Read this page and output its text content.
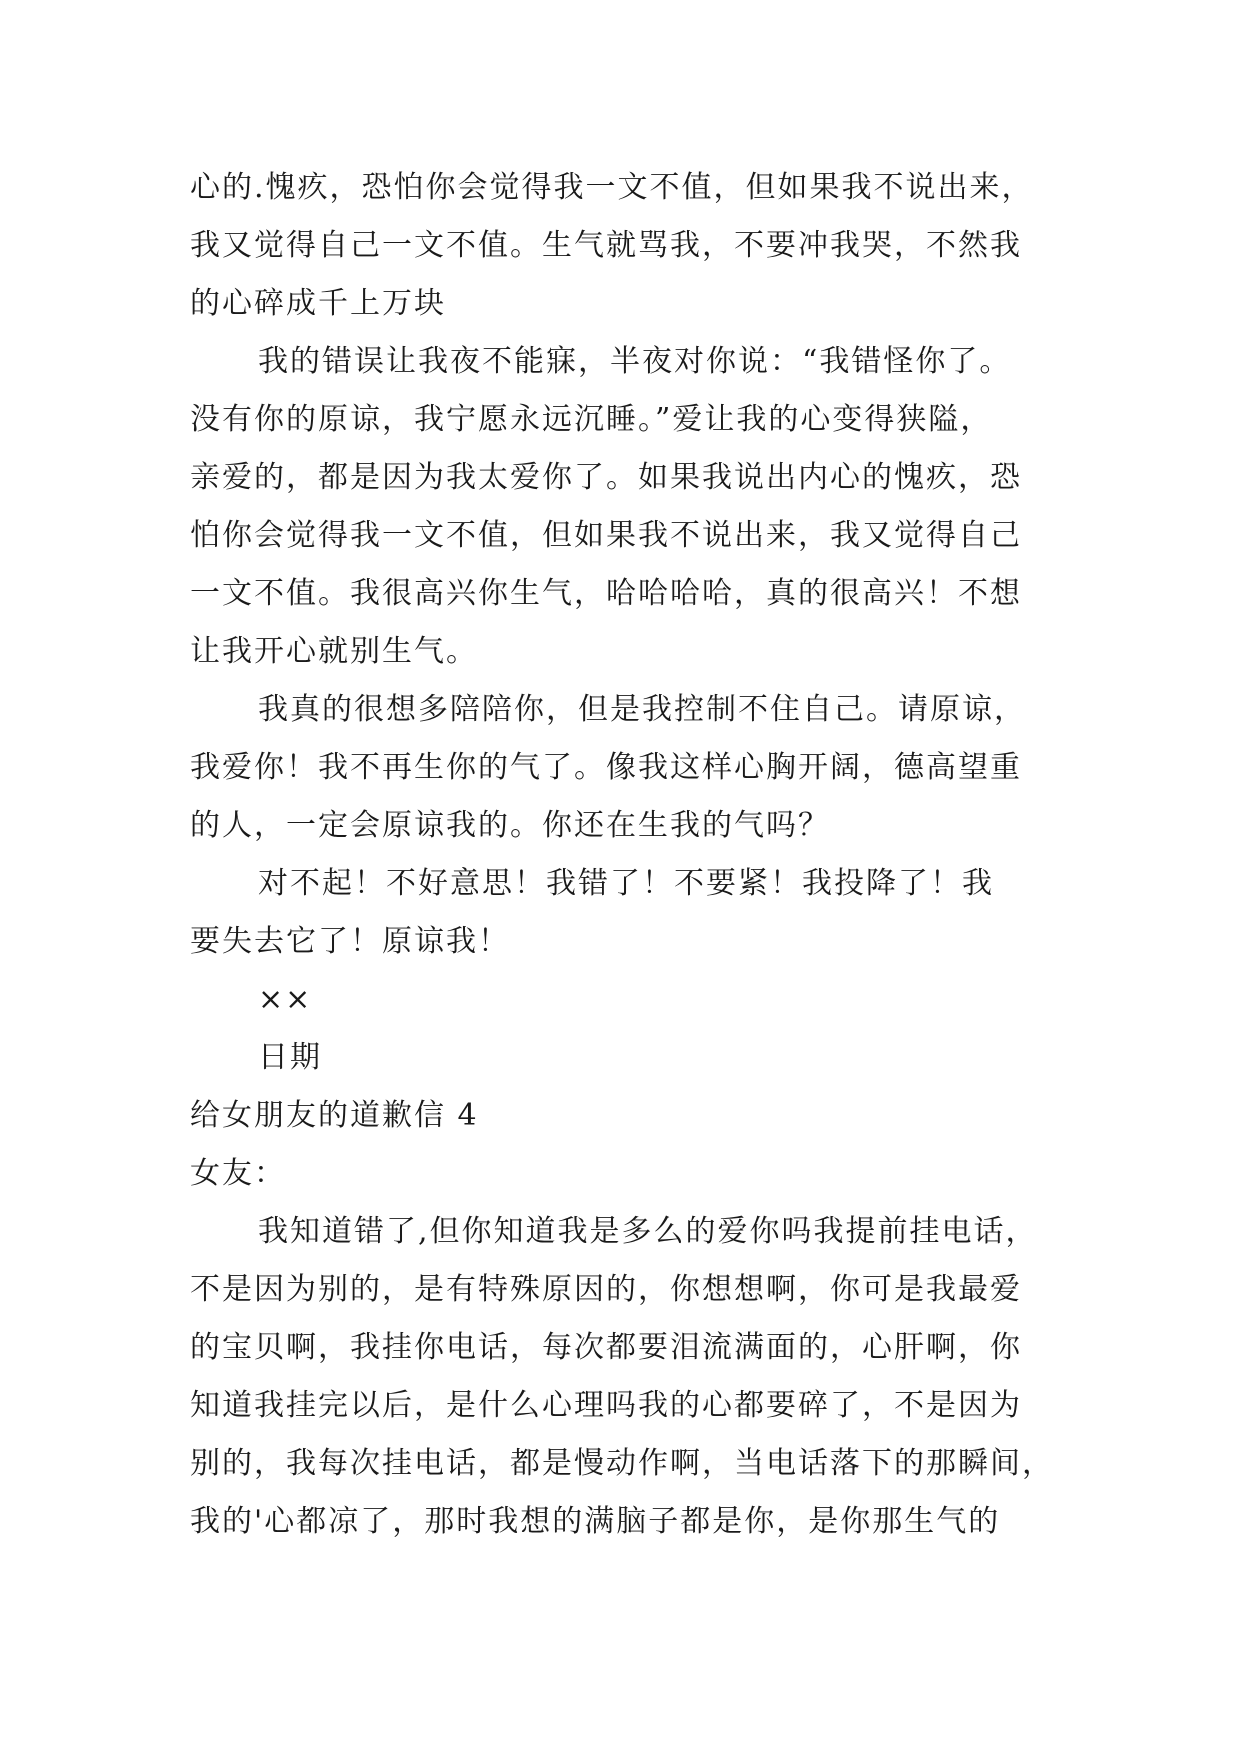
心的.愧疚，恐怕你会觉得我一文不值，但如果我不说出来，
我又觉得自己一文不值。生气就骂我，不要冲我哭，不然我
的心碎成千上万块
我的错误让我夜不能寐，半夜对你说：“我错怪你了。
没有你的原谅，我宁愿永远沉睡。”爱让我的心变得狭隘，
亲爱的，都是因为我太爱你了。如果我说出内心的愧疚，恐
怕你会觉得我一文不值，但如果我不说出来，我又觉得自己
一文不值。我很高兴你生气，哈哈哈哈，真的很高兴！不想
让我开心就别生气。
我真的很想多陪陪你，但是我控制不住自己。请原谅，
我爱你！我不再生你的气了。像我这样心胸开阔，德高望重
的人，一定会原谅我的。你还在生我的气吗？
对不起！不好意思！我错了！不要紧！我投降了！我
要失去它了！原谅我！
××
日期
给女朋友的道歉信 4
女友：
我知道错了,但你知道我是多么的爱你吗我提前挂电话，
不是因为别的，是有特殊原因的，你想想啊，你可是我最爱
的宝贝啊，我挂你电话，每次都要泪流满面的，心肝啊，你
知道我挂完以后，是什么心理吗我的心都要碎了，不是因为
别的，我每次挂电话，都是慢动作啊，当电话落下的那瞬间，
我的'心都凉了，那时我想的满脑子都是你，是你那生气的
